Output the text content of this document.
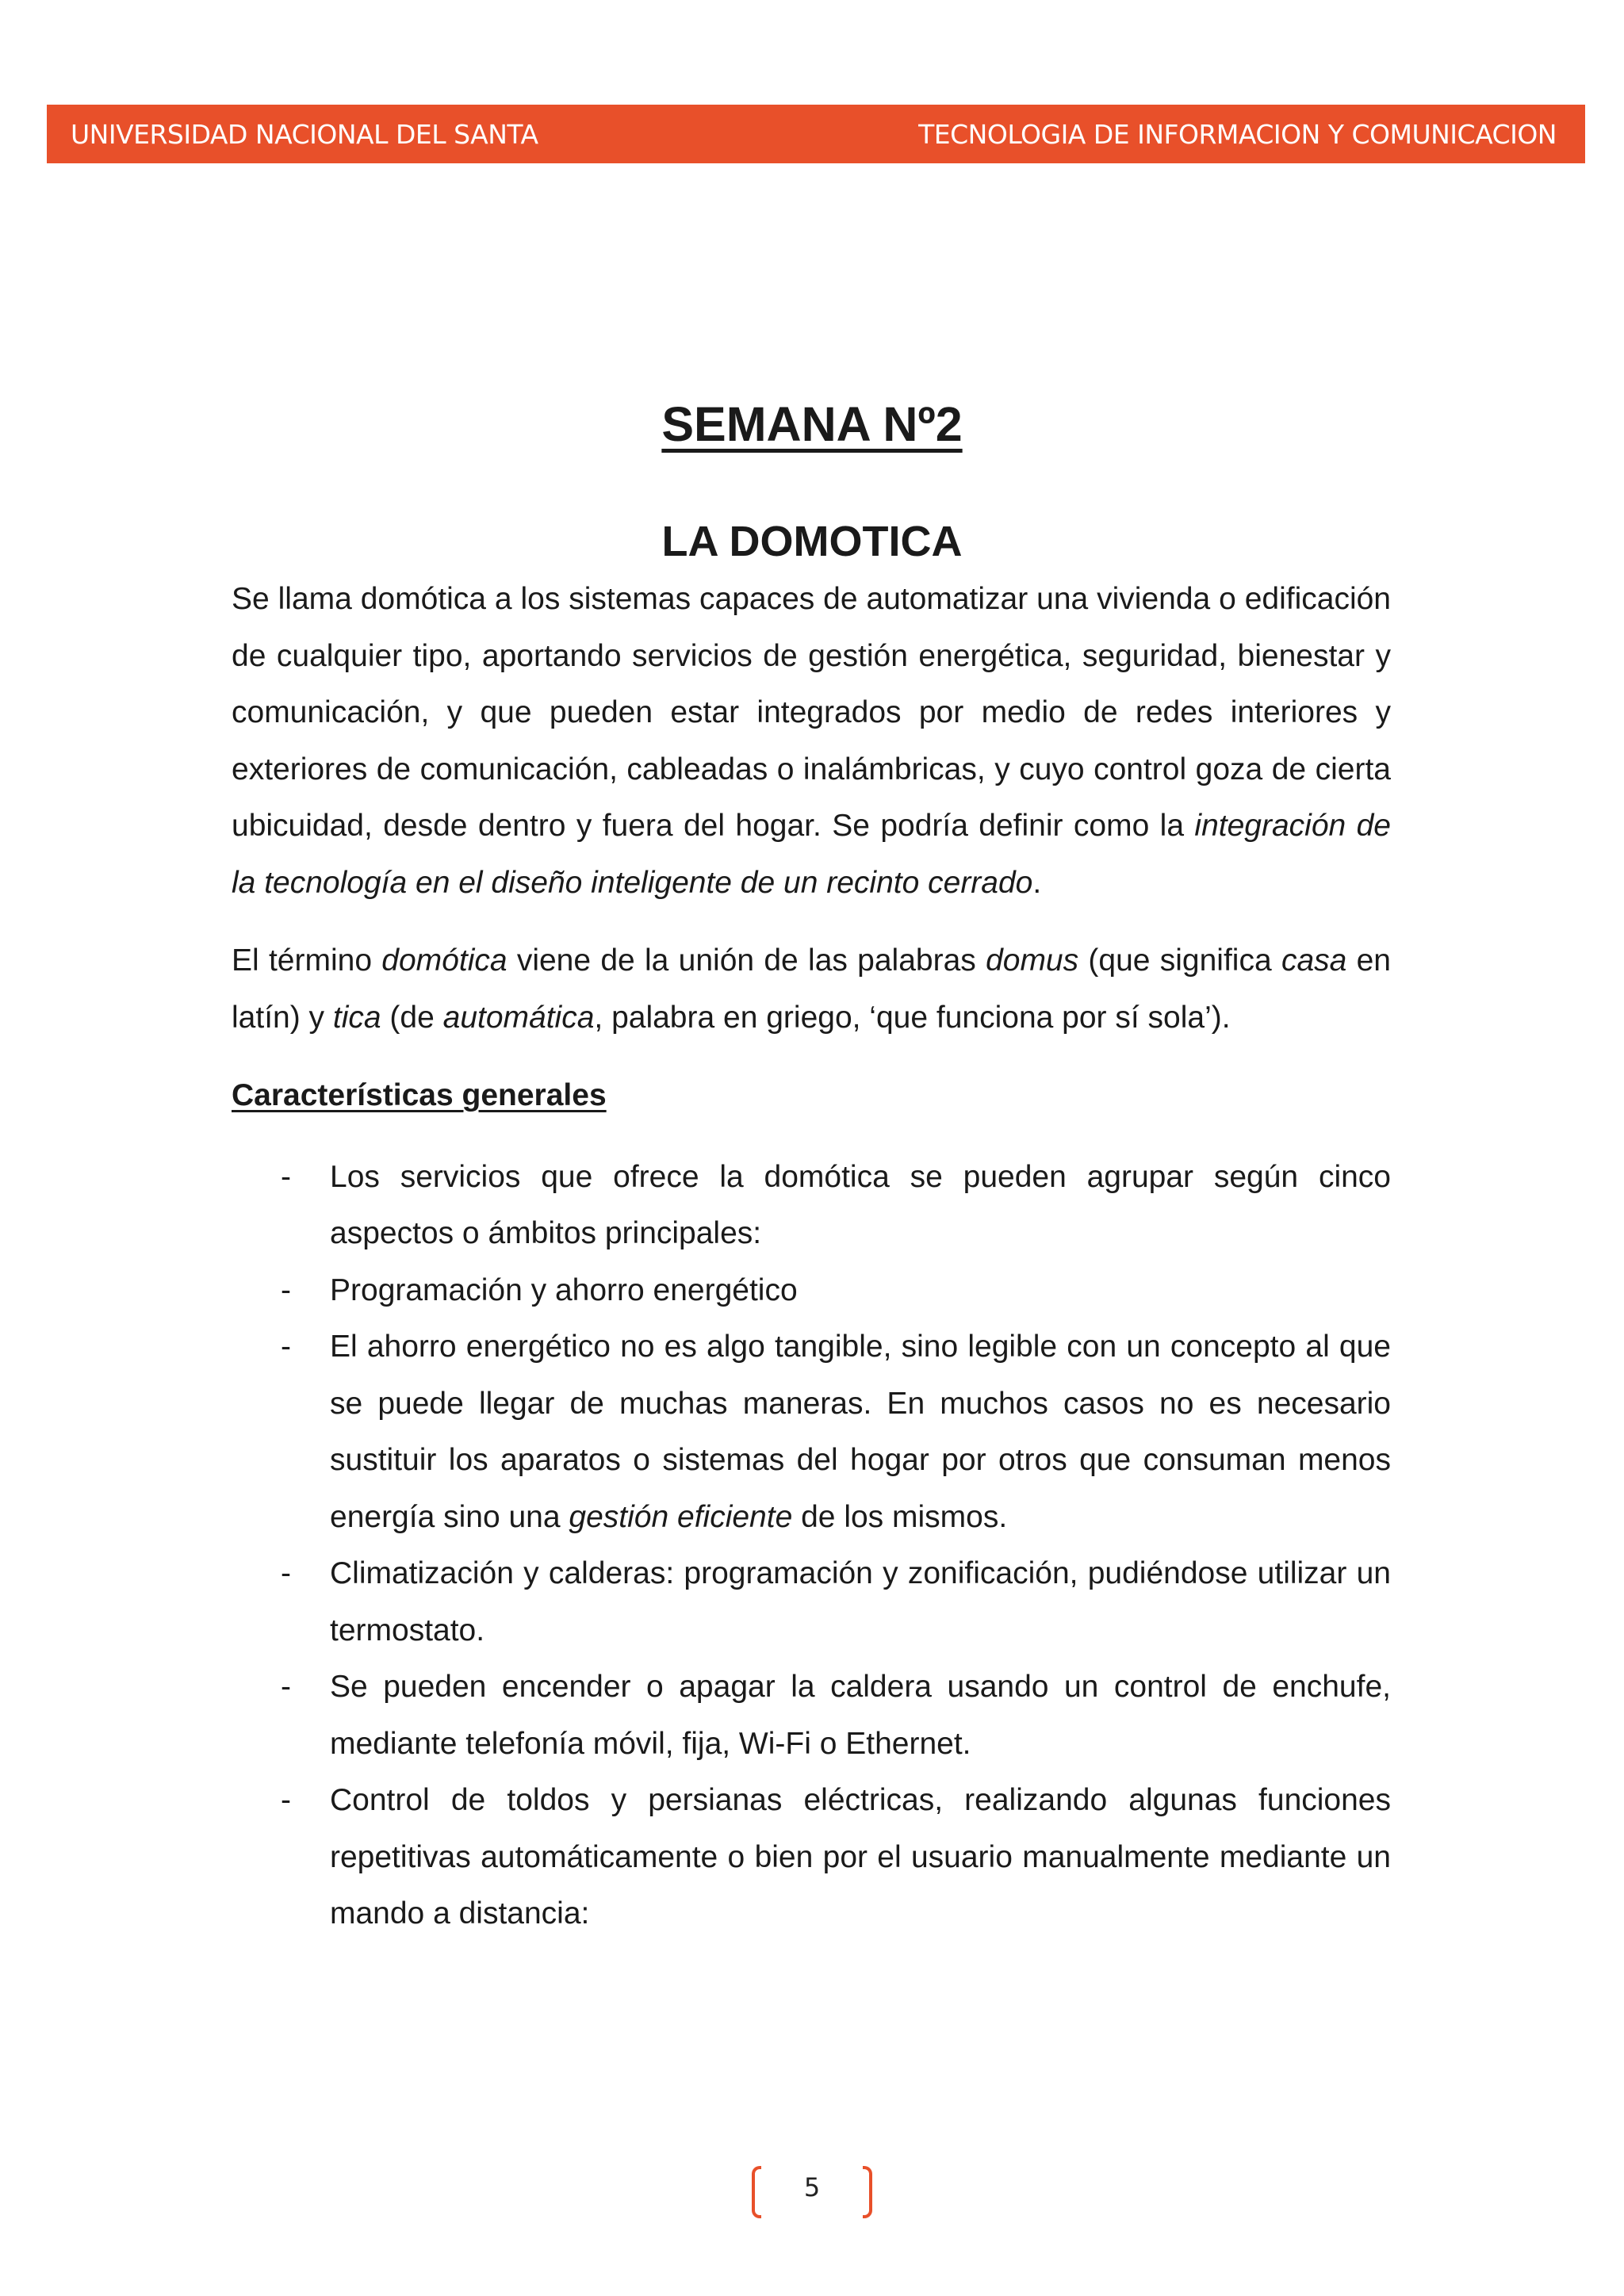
UNIVERSIDAD NACIONAL DEL SANTA	TECNOLOGIA DE INFORMACION Y COMUNICACION
SEMANA Nº2
LA DOMOTICA

Se llama domótica a los sistemas capaces de automatizar una vivienda o edificación de cualquier tipo, aportando servicios de gestión energética, seguridad, bienestar y comunicación, y que pueden estar integrados por medio de redes interiores y exteriores de comunicación, cableadas o inalámbricas, y cuyo control goza de cierta ubicuidad, desde dentro y fuera del hogar. Se podría definir como la integración de la tecnología en el diseño inteligente de un recinto cerrado.

El término domótica viene de la unión de las palabras domus (que significa casa en latín) y tica (de automática, palabra en griego, ‘que funciona por sí sola’).

Características generales

- Los servicios que ofrece la domótica se pueden agrupar según cinco aspectos o ámbitos principales:
- Programación y ahorro energético
- El ahorro energético no es algo tangible, sino legible con un concepto al que se puede llegar de muchas maneras. En muchos casos no es necesario sustituir los aparatos o sistemas del hogar por otros que consuman menos energía sino una gestión eficiente de los mismos.
- Climatización y calderas: programación y zonificación, pudiéndose utilizar un termostato.
- Se pueden encender o apagar la caldera usando un control de enchufe, mediante telefonía móvil, fija, Wi-Fi o Ethernet.
- Control de toldos y persianas eléctricas, realizando algunas funciones repetitivas automáticamente o bien por el usuario manualmente mediante un mando a distancia:
5
